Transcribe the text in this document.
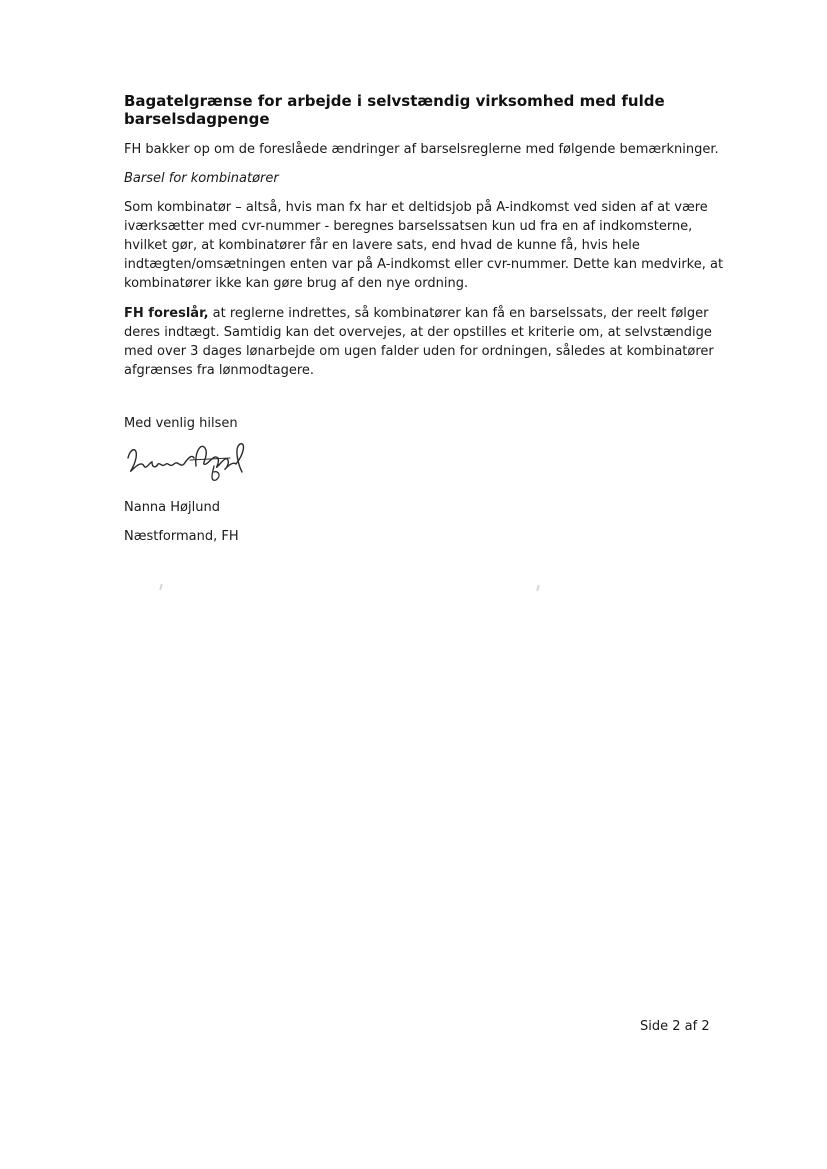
Bagatelgrænse for arbejde i selvstændig virksomhed med fulde barselsdagpenge

FH bakker op om de foreslåede ændringer af barselsreglerne med følgende bemærkninger.

Barsel for kombinatører

Som kombinatør – altså, hvis man fx har et deltidsjob på A-indkomst ved siden af at være iværksætter med cvr-nummer - beregnes barselssatsen kun ud fra en af indkomsterne, hvilket gør, at kombinatører får en lavere sats, end hvad de kunne få, hvis hele indtægten/omsætningen enten var på A-indkomst eller cvr-nummer. Dette kan medvirke, at kombinatører ikke kan gøre brug af den nye ordning.

FH foreslår, at reglerne indrettes, så kombinatører kan få en barselssats, der reelt følger deres indtægt. Samtidig kan det overvejes, at der opstilles et kriterie om, at selvstændige med over 3 dages lønarbejde om ugen falder uden for ordningen, således at kombinatører afgrænses fra lønmodtagere.

Med venlig hilsen
Nanna Højlund
Næstformand, FH
Side 2 af 2
